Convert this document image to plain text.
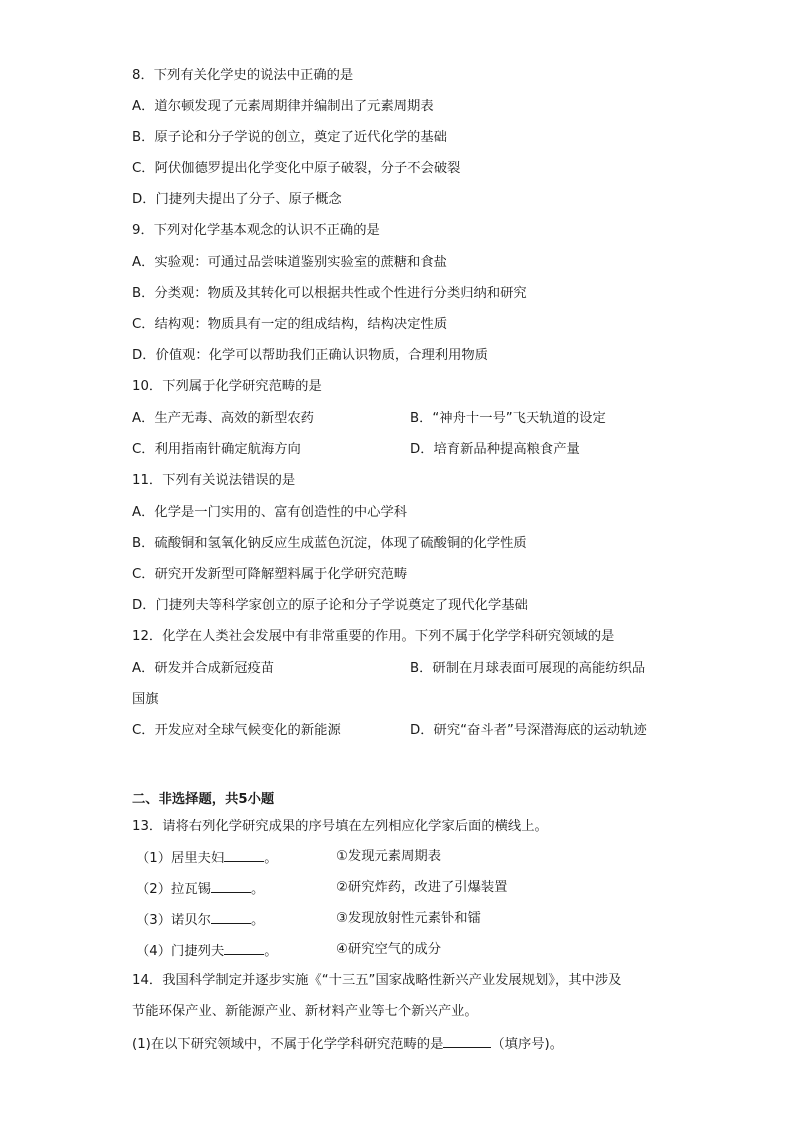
8．下列有关化学史的说法中正确的是
A．道尔顿发现了元素周期律并编制出了元素周期表
B．原子论和分子学说的创立，奠定了近代化学的基础
C．阿伏伽德罗提出化学变化中原子破裂，分子不会破裂
D．门捷列夫提出了分子、原子概念
9．下列对化学基本观念的认识不正确的是
A．实验观：可通过品尝味道鉴别实验室的蔗糖和食盐
B．分类观：物质及其转化可以根据共性或个性进行分类归纳和研究
C．结构观：物质具有一定的组成结构，结构决定性质
D．价值观：化学可以帮助我们正确认识物质，合理利用物质
10．下列属于化学研究范畴的是
A．生产无毒、高效的新型农药	B．“神舟十一号”飞天轨道的设定
C．利用指南针确定航海方向	D．培育新品种提高粮食产量
11．下列有关说法错误的是
A．化学是一门实用的、富有创造性的中心学科
B．硫酸铜和氢氧化钠反应生成蓝色沉淀，体现了硫酸铜的化学性质
C．研究开发新型可降解塑料属于化学研究范畴
D．门捷列夫等科学家创立的原子论和分子学说奠定了现代化学基础
12．化学在人类社会发展中有非常重要的作用。下列不属于化学学科研究领域的是
A．研发并合成新冠疫苗	B．研制在月球表面可展现的高能纺织品
国旗
C．开发应对全球气候变化的新能源	D．研究“奋斗者”号深潜海底的运动轨迹
二、非选择题，共5小题
13．请将右列化学研究成果的序号填在左列相应化学家后面的横线上。
（1）居里夫妇	。	①发现元素周期表
（2）拉瓦锡	。	②研究炸药，改进了引爆装置
（3）诺贝尔	。	③发现放射性元素钋和镭
（4）门捷列夫	。	④研究空气的成分
14．我国科学制定并逐步实施《“十三五”国家战略性新兴产业发展规划》，其中涉及
节能环保产业、新能源产业、新材料产业等七个新兴产业。
(1)在以下研究领域中，不属于化学学科研究范畴的是	（填序号)。
